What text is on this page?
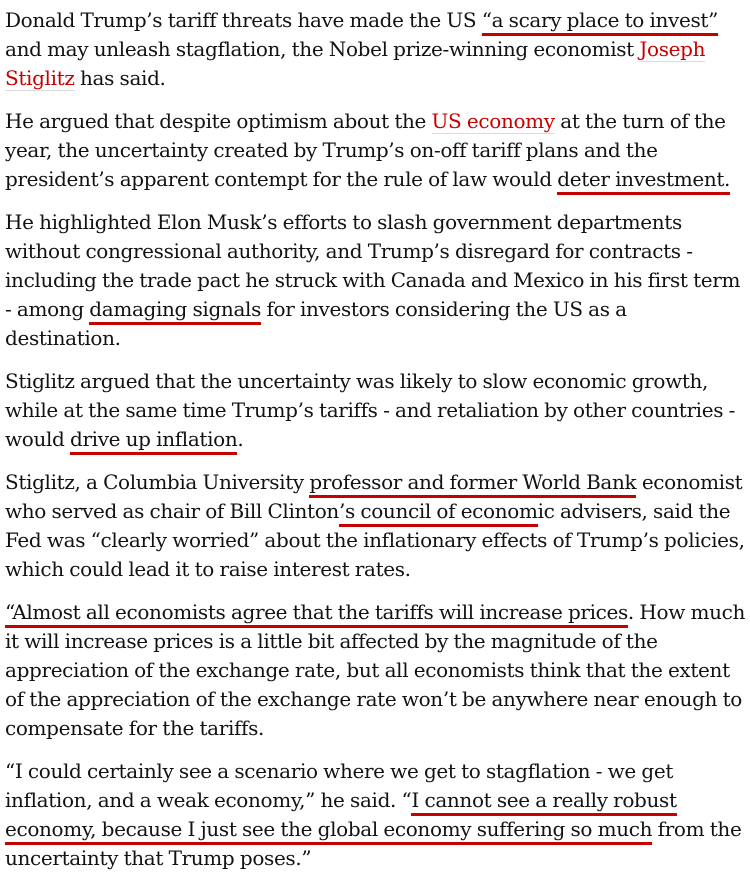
Donald Trump’s tariff threats have made the US “a scary place to invest” and may unleash stagflation, the Nobel prize-winning economist Joseph Stiglitz has said.

He argued that despite optimism about the US economy at the turn of the year, the uncertainty created by Trump’s on-off tariff plans and the president’s apparent contempt for the rule of law would deter investment.

He highlighted Elon Musk’s efforts to slash government departments without congressional authority, and Trump’s disregard for contracts - including the trade pact he struck with Canada and Mexico in his first term - among damaging signals for investors considering the US as a destination.

Stiglitz argued that the uncertainty was likely to slow economic growth, while at the same time Trump’s tariffs - and retaliation by other countries - would drive up inflation.

Stiglitz, a Columbia University professor and former World Bank economist who served as chair of Bill Clinton’s council of economic advisers, said the Fed was “clearly worried” about the inflationary effects of Trump’s policies, which could lead it to raise interest rates.

“Almost all economists agree that the tariffs will increase prices. How much it will increase prices is a little bit affected by the magnitude of the appreciation of the exchange rate, but all economists think that the extent of the appreciation of the exchange rate won’t be anywhere near enough to compensate for the tariffs.

“I could certainly see a scenario where we get to stagflation - we get inflation, and a weak economy,” he said. “I cannot see a really robust economy, because I just see the global economy suffering so much from the uncertainty that Trump poses.”
